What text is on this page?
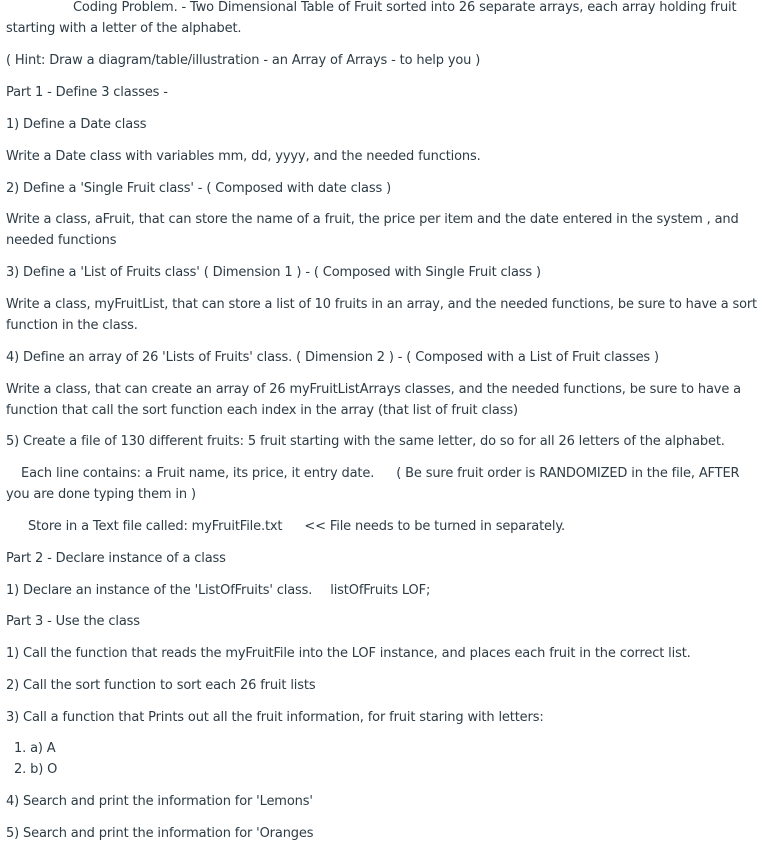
Coding Problem. - Two Dimensional Table of Fruit sorted into 26 separate arrays, each array holding fruit
starting with a letter of the alphabet.
( Hint: Draw a diagram/table/illustration - an Array of Arrays - to help you )
Part 1 - Define 3 classes -
1) Define a Date class
Write a Date class with variables mm, dd, yyyy, and the needed functions.
2) Define a 'Single Fruit class' - ( Composed with date class )
Write a class, aFruit, that can store the name of a fruit, the price per item and the date entered in the system , and
needed functions
3) Define a 'List of Fruits class' ( Dimension 1 ) - ( Composed with Single Fruit class )
Write a class, myFruitList, that can store a list of 10 fruits in an array, and the needed functions, be sure to have a sort
function in the class.
4) Define an array of 26 'Lists of Fruits' class. ( Dimension 2 ) - ( Composed with a List of Fruit classes )
Write a class, that can create an array of 26 myFruitListArrays classes, and the needed functions, be sure to have a
function that call the sort function each index in the array (that list of fruit class)
5) Create a file of 130 different fruits: 5 fruit starting with the same letter, do so for all 26 letters of the alphabet.
Each line contains: a Fruit name, its price, it entry date. ( Be sure fruit order is RANDOMIZED in the file, AFTER
you are done typing them in )
Store in a Text file called: myFruitFile.txt << File needs to be turned in separately.
Part 2 - Declare instance of a class
1) Declare an instance of the 'ListOfFruits' class. listOfFruits LOF;
Part 3 - Use the class
1) Call the function that reads the myFruitFile into the LOF instance, and places each fruit in the correct list.
2) Call the sort function to sort each 26 fruit lists
3) Call a function that Prints out all the fruit information, for fruit staring with letters:
1. a) A
2. b) O
4) Search and print the information for 'Lemons'
5) Search and print the information for 'Oranges
